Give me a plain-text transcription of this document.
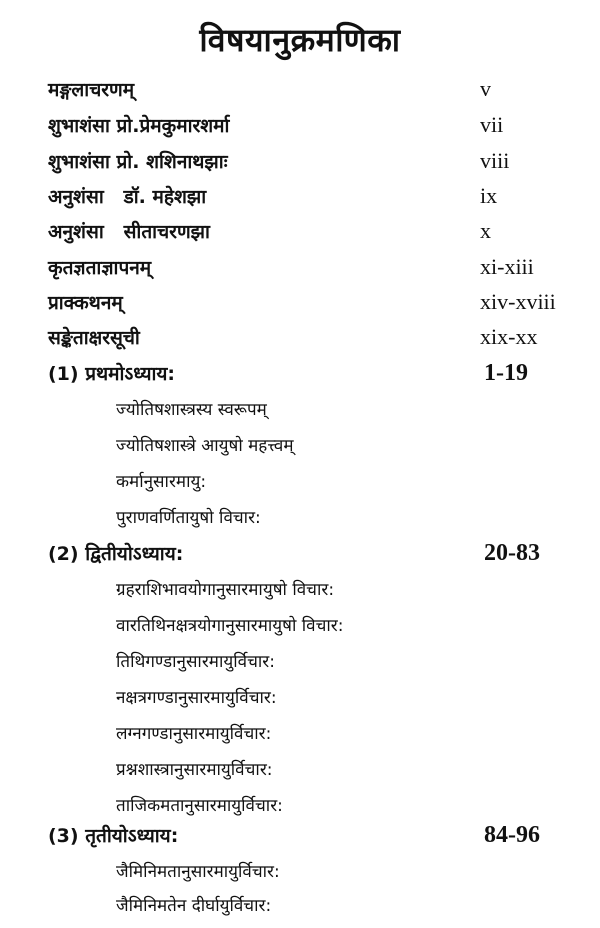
विषयानुक्रमणिका
मङ्गलाचरणम्	v
शुभाशंसा प्रो.प्रेमकुमारशर्मा	vii
शुभाशंसा प्रो. शशिनाथझाः	viii
अनुशंसा   डॉ. महेशझा	ix
अनुशंसा   सीताचरणझा	x
कृतज्ञताज्ञापनम्	xi-xiii
प्राक्कथनम्	xiv-xviii
सङ्केताक्षरसूची	xix-xx
(1) प्रथमोऽध्याय:	1-19
ज्योतिषशास्त्रस्य स्वरूपम्
ज्योतिषशास्त्रे आयुषो महत्त्वम्
कर्मानुसारमायु:
पुराणवर्णितायुषो विचार:
(2) द्वितीयोऽध्याय:	20-83
ग्रहराशिभावयोगानुसारमायुषो विचार:
वारतिथिनक्षत्रयोगानुसारमायुषो विचार:
तिथिगण्डानुसारमायुर्विचार:
नक्षत्रगण्डानुसारमायुर्विचार:
लग्नगण्डानुसारमायुर्विचार:
प्रश्नशास्त्रानुसारमायुर्विचार:
ताजिकमतानुसारमायुर्विचार:
(3) तृतीयोऽध्याय:	84-96
जैमिनिमतानुसारमायुर्विचार:
जैमिनिमतेन दीर्घायुर्विचार:
